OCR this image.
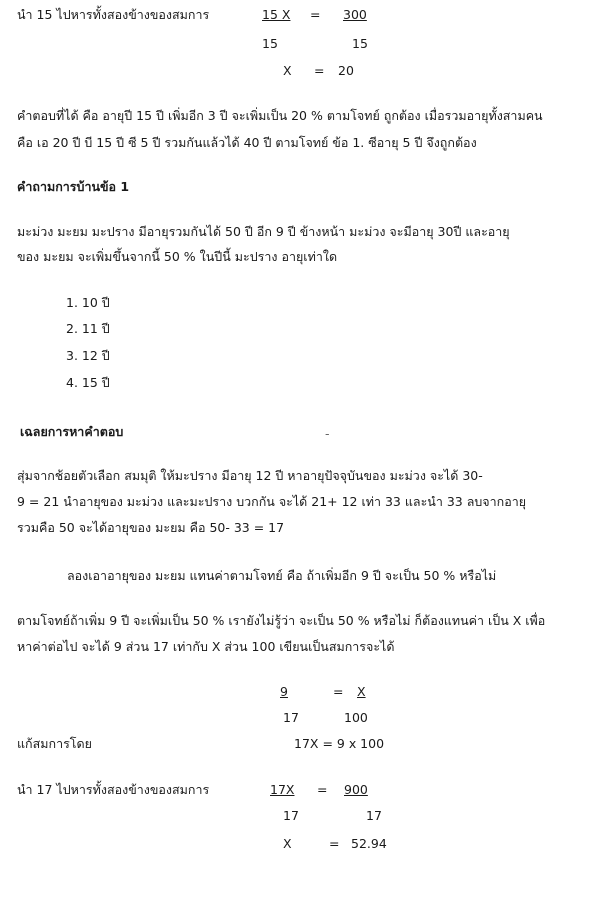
นำ 15 ไปหารทั้งสองข้างของสมการ	15 X = 300
15	15
X = 20
คำตอบที่ได้ คือ อายุปี 15 ปี เพิ่มอีก 3 ปี จะเพิ่มเป็น 20 % ตามโจทย์ ถูกต้อง เมื่อรวมอายุทั้งสามคน
คือ เอ 20 ปี บี 15 ปี ซี 5 ปี รวมกันแล้วได้ 40 ปี ตามโจทย์ ข้อ 1. ซีอายุ 5 ปี จึงถูกต้อง
คำถามการบ้านข้อ 1
มะม่วง มะยม มะปราง มีอายุรวมกันได้ 50 ปี อีก 9 ปี ข้างหน้า มะม่วง จะมีอายุ 30ปี และอายุ
ของ มะยม จะเพิ่มขึ้นจากนี้ 50 % ในปีนี้ มะปราง อายุเท่าใด
1. 10 ปี
2. 11 ปี
3. 12 ปี
4. 15 ปี
เฉลยการหาคำตอบ	-
สุ่มจากช้อยตัวเลือก สมมุติ ให้มะปราง มีอายุ 12 ปี หาอายุปัจจุบันของ มะม่วง จะได้ 30-
9 = 21 นำอายุของ มะม่วง และมะปราง บวกกัน จะได้ 21+ 12 เท่า 33 และนำ 33 ลบจากอายุ
รวมคือ 50 จะได้อายุของ มะยม คือ 50- 33 = 17
ลองเอาอายุของ มะยม แทนค่าตามโจทย์ คือ ถ้าเพิ่มอีก 9 ปี จะเป็น 50 % หรือไม่
ตามโจทย์ถ้าเพิ่ม 9 ปี จะเพิ่มเป็น 50 % เรายังไม่รู้ว่า จะเป็น 50 % หรือไม่ ก็ต้องแทนค่า เป็น X เพื่อ
หาค่าต่อไป จะได้ 9 ส่วน 17 เท่ากับ X ส่วน 100 เขียนเป็นสมการจะได้
9	= X
17	100
แก้สมการโดย	17X = 9 x 100
นำ 17 ไปหารทั้งสองข้างของสมการ	17X = 900
17	17
X	= 52.94
